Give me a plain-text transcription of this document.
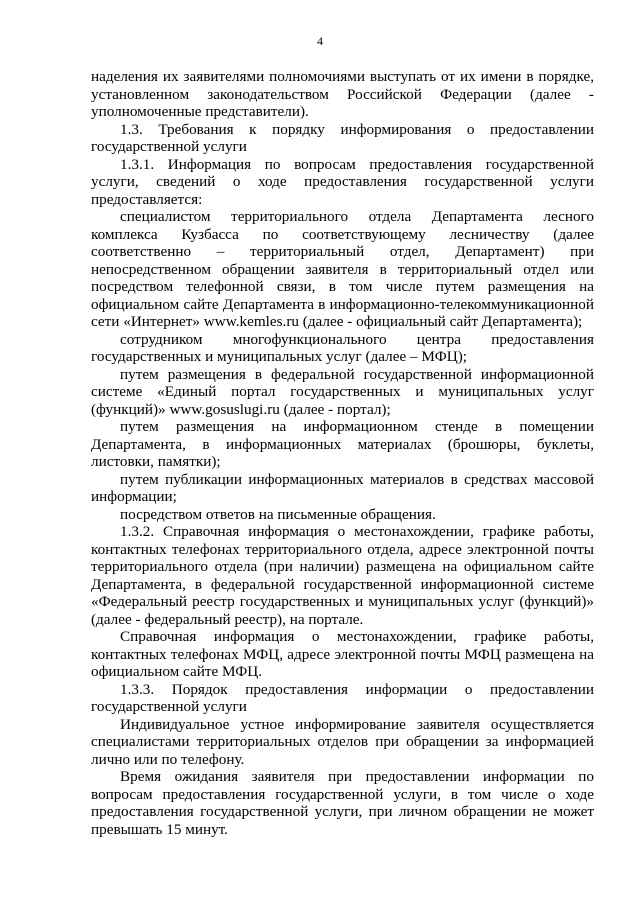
4

наделения их заявителями полномочиями выступать от их имени в порядке, установленном законодательством Российской Федерации (далее - уполномоченные представители).

1.3. Требования к порядку информирования о предоставлении государственной услуги

1.3.1. Информация по вопросам предоставления государственной услуги, сведений о ходе предоставления государственной услуги предоставляется:

специалистом территориального отдела Департамента лесного комплекса Кузбасса по соответствующему лесничеству (далее соответственно – территориальный отдел, Департамент) при непосредственном обращении заявителя в территориальный отдел или посредством телефонной связи, в том числе путем размещения на официальном сайте Департамента в информационно-телекоммуникационной сети «Интернет» www.kemles.ru (далее - официальный сайт Департамента);

сотрудником многофункционального центра предоставления государственных и муниципальных услуг (далее – МФЦ);

путем размещения в федеральной государственной информационной системе «Единый портал государственных и муниципальных услуг (функций)» www.gosuslugi.ru (далее - портал);

путем размещения на информационном стенде в помещении Департамента, в информационных материалах (брошюры, буклеты, листовки, памятки);

путем публикации информационных материалов в средствах массовой информации;

посредством ответов на письменные обращения.

1.3.2. Справочная информация о местонахождении, графике работы, контактных телефонах территориального отдела, адресе электронной почты территориального отдела (при наличии) размещена на официальном сайте Департамента, в федеральной государственной информационной системе «Федеральный реестр государственных и муниципальных услуг (функций)» (далее - федеральный реестр), на портале.

Справочная информация о местонахождении, графике работы, контактных телефонах МФЦ, адресе электронной почты МФЦ размещена на официальном сайте МФЦ.

1.3.3. Порядок предоставления информации о предоставлении государственной услуги

Индивидуальное устное информирование заявителя осуществляется специалистами территориальных отделов при обращении за информацией лично или по телефону.

Время ожидания заявителя при предоставлении информации по вопросам предоставления государственной услуги, в том числе о ходе предоставления государственной услуги, при личном обращении не может превышать 15 минут.
